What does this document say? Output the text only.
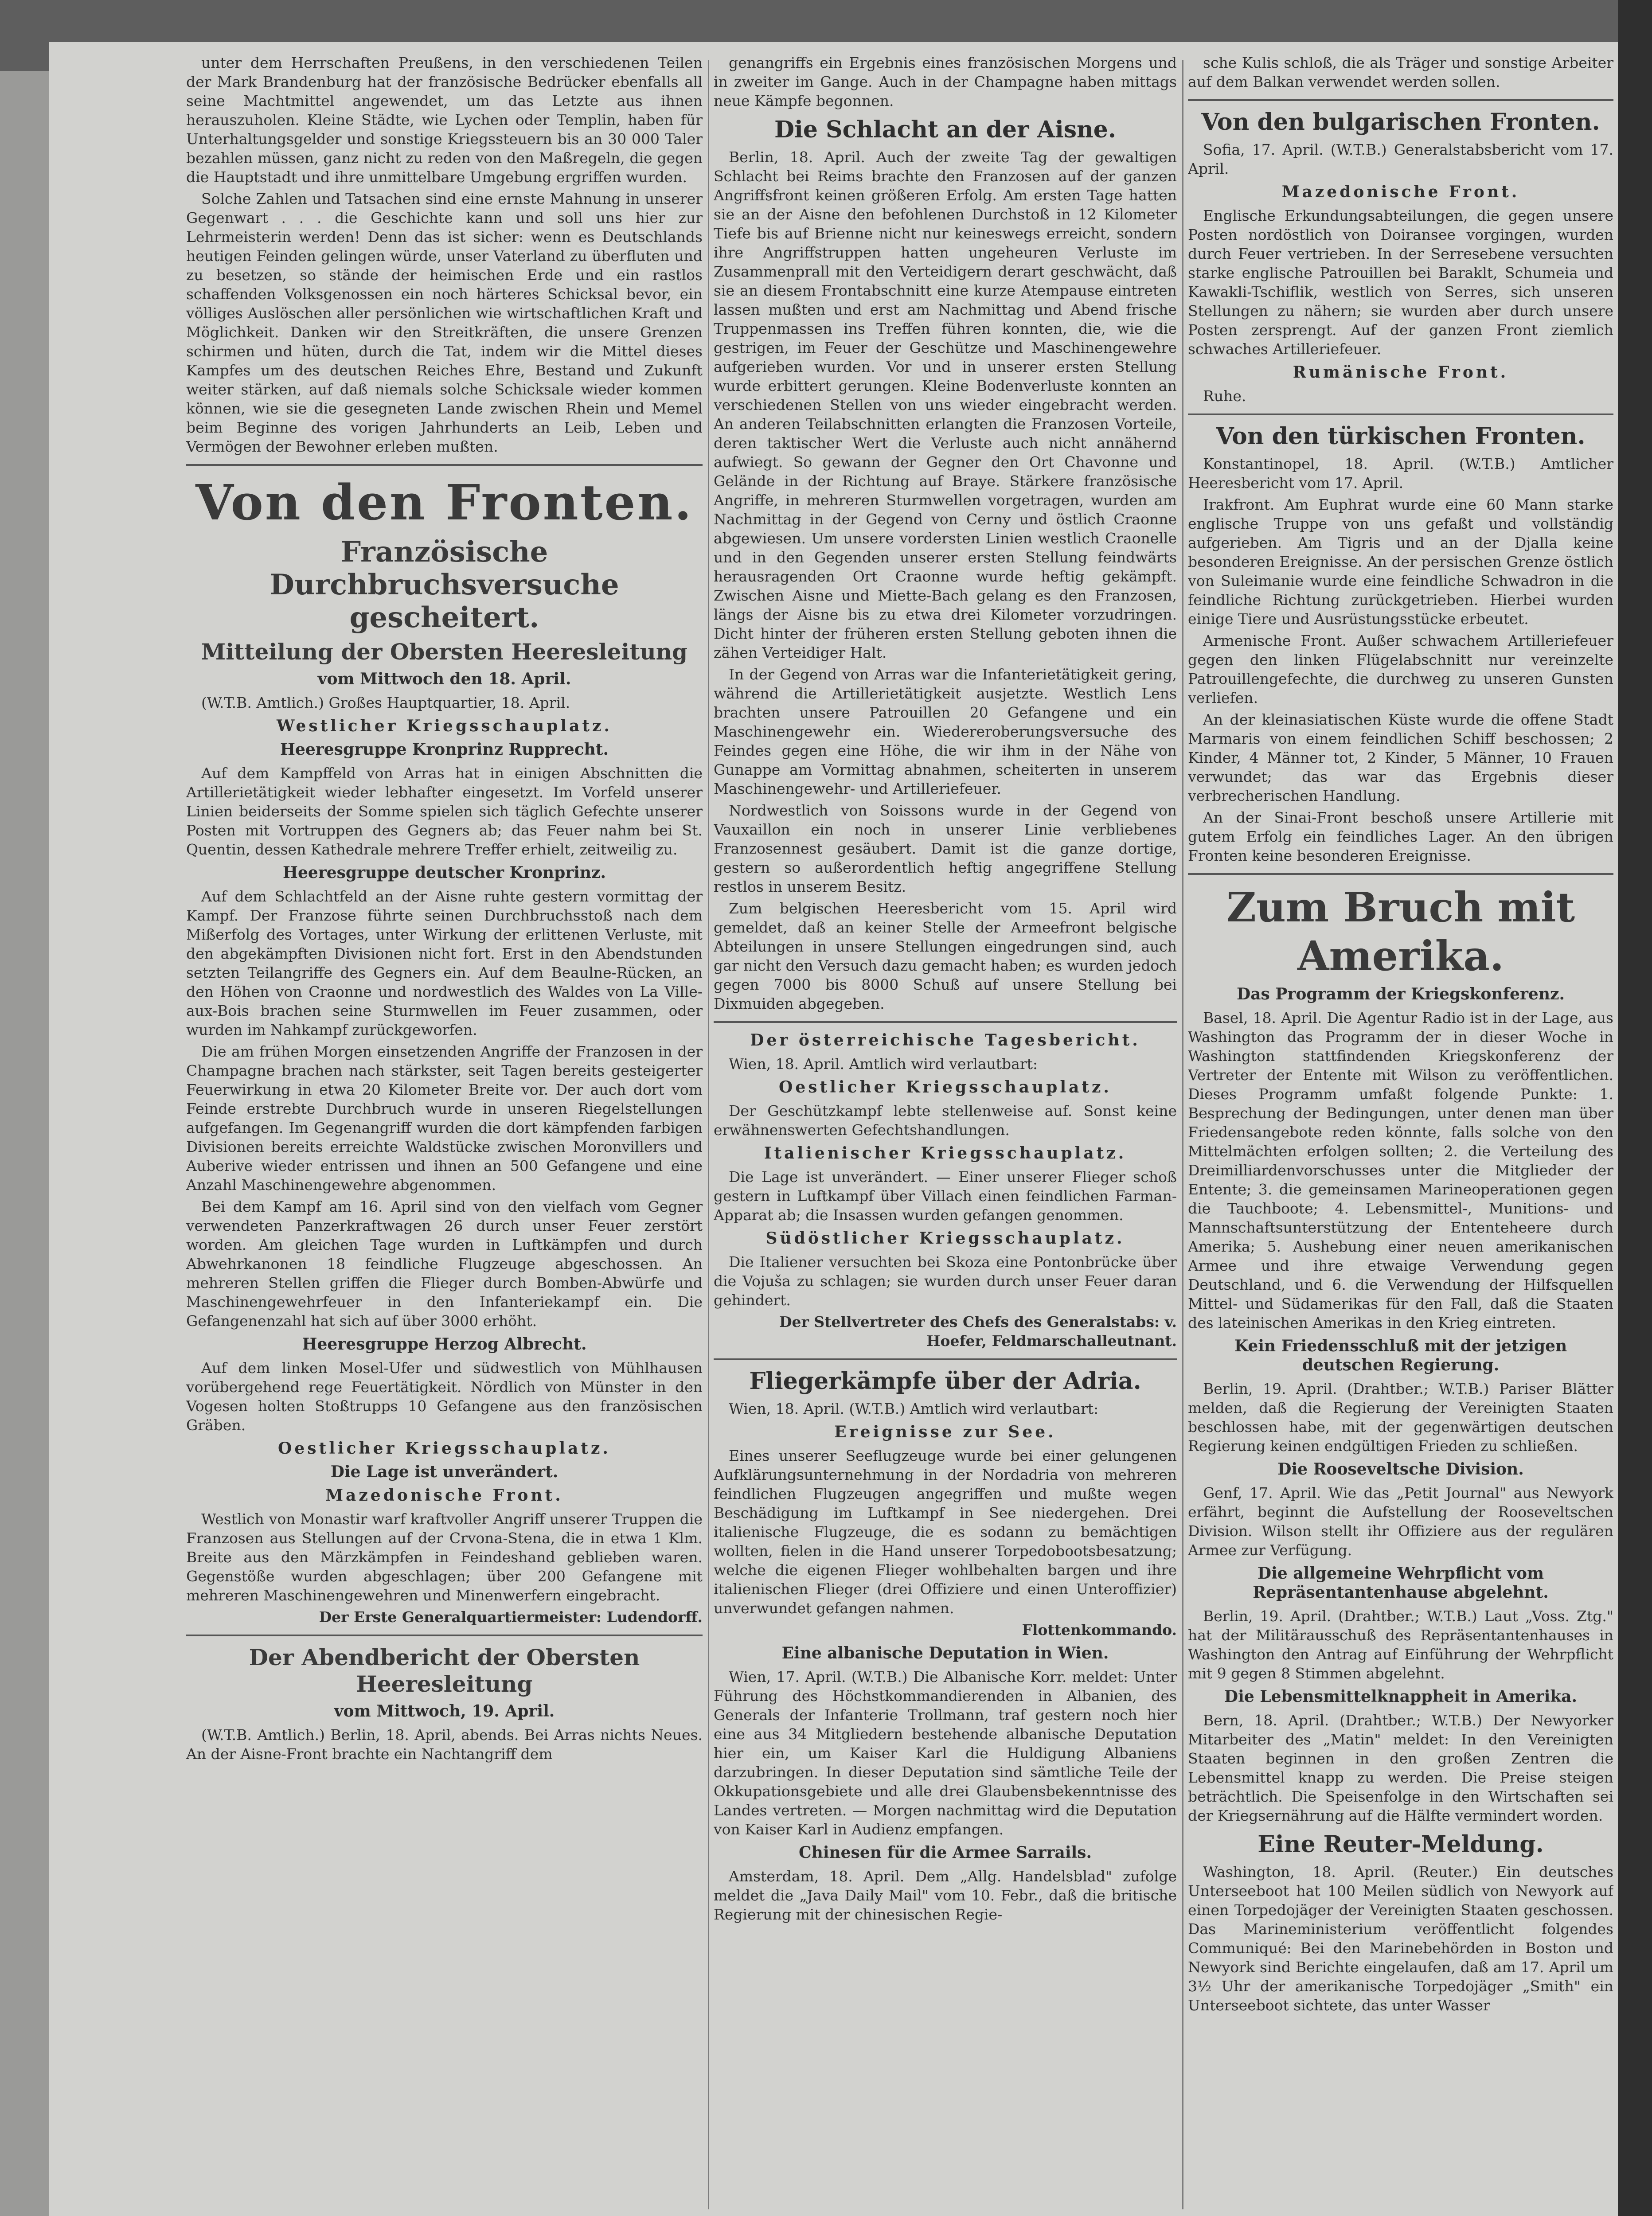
unter dem Herrschaften Preußens, in den verschiedenen Teilen der Mark Brandenburg hat der französische Bedrücker ebenfalls all seine Machtmittel angewendet, um das Letzte aus ihnen herauszuholen. Kleine Städte, wie Lychen oder Templin, haben für Unterhaltungsgelder und sonstige Kriegssteuern bis an 30 000 Taler bezahlen müssen, ganz nicht zu reden von den Maßregeln, die gegen die Hauptstadt und ihre unmittelbare Umgebung ergriffen wurden.

Solche Zahlen und Tatsachen sind eine ernste Mahnung in unserer Gegenwart . . . die Geschichte kann und soll uns hier zur Lehrmeisterin werden! Denn das ist sicher: wenn es Deutschlands heutigen Feinden gelingen würde, unser Vaterland zu überfluten und zu besetzen, so stände der heimischen Erde und ein rastlos schaffenden Volksgenossen ein noch härteres Schicksal bevor, ein völliges Auslöschen aller persönlichen wie wirtschaftlichen Kraft und Möglichkeit. Danken wir den Streitkräften, die unsere Grenzen schirmen und hüten, durch die Tat, indem wir die Mittel dieses Kampfes um des deutschen Reiches Ehre, Bestand und Zukunft weiter stärken, auf daß niemals solche Schicksale wieder kommen können, wie sie die gesegneten Lande zwischen Rhein und Memel beim Beginne des vorigen Jahrhunderts an Leib, Leben und Vermögen der Bewohner erleben mußten.

Von den Fronten.
Französische Durchbruchsversuche gescheitert.
Mitteilung der Obersten Heeresleitung

vom Mittwoch den 18. April.

(W.T.B. Amtlich.) Großes Hauptquartier, 18. April.

Westlicher Kriegsschauplatz.

Heeresgruppe Kronprinz Rupprecht.

Auf dem Kampffeld von Arras hat in einigen Abschnitten die Artillerietätigkeit wieder lebhafter eingesetzt. Im Vorfeld unserer Linien beiderseits der Somme spielen sich täglich Gefechte unserer Posten mit Vortruppen des Gegners ab; das Feuer nahm bei St. Quentin, dessen Kathedrale mehrere Treffer erhielt, zeitweilig zu.

Heeresgruppe deutscher Kronprinz.

Auf dem Schlachtfeld an der Aisne ruhte gestern vormittag der Kampf. Der Franzose führte seinen Durchbruchsstoß nach dem Mißerfolg des Vortages, unter Wirkung der erlittenen Verluste, mit den abgekämpften Divisionen nicht fort. Erst in den Abendstunden setzten Teilangriffe des Gegners ein. Auf dem Beaulne-Rücken, an den Höhen von Craonne und nordwestlich des Waldes von La Ville-aux-Bois brachen seine Sturmwellen im Feuer zusammen, oder wurden im Nahkampf zurückgeworfen.

Die am frühen Morgen einsetzenden Angriffe der Franzosen in der Champagne brachen nach stärkster, seit Tagen bereits gesteigerter Feuerwirkung in etwa 20 Kilometer Breite vor. Der auch dort vom Feinde erstrebte Durchbruch wurde in unseren Riegelstellungen aufgefangen. Im Gegenangriff wurden die dort kämpfenden farbigen Divisionen bereits erreichte Waldstücke zwischen Moronvillers und Auberive wieder entrissen und ihnen an 500 Gefangene und eine Anzahl Maschinengewehre abgenommen.

Bei dem Kampf am 16. April sind von den vielfach vom Gegner verwendeten Panzerkraftwagen 26 durch unser Feuer zerstört worden. Am gleichen Tage wurden in Luftkämpfen und durch Abwehrkanonen 18 feindliche Flugzeuge abgeschossen. An mehreren Stellen griffen die Flieger durch Bomben-Abwürfe und Maschinengewehrfeuer in den Infanteriekampf ein. Die Gefangenenzahl hat sich auf über 3000 erhöht.

Heeresgruppe Herzog Albrecht.

Auf dem linken Mosel-Ufer und südwestlich von Mühlhausen vorübergehend rege Feuertätigkeit. Nördlich von Münster in den Vogesen holten Stoßtrupps 10 Gefangene aus den französischen Gräben.

Oestlicher Kriegsschauplatz.

Die Lage ist unverändert.

Mazedonische Front.

Westlich von Monastir warf kraftvoller Angriff unserer Truppen die Franzosen aus Stellungen auf der Crvona-Stena, die in etwa 1 Klm. Breite aus den Märzkämpfen in Feindeshand geblieben waren. Gegenstöße wurden abgeschlagen; über 200 Gefangene mit mehreren Maschinengewehren und Minenwerfern eingebracht.

Der Erste Generalquartiermeister: Ludendorff.

Der Abendbericht der Obersten Heeresleitung

vom Mittwoch, 19. April.

(W.T.B. Amtlich.) Berlin, 18. April, abends. Bei Arras nichts Neues. An der Aisne-Front brachte ein Nachtangriff dem

genangriffs ein Ergebnis eines französischen Morgens und in zweiter im Gange. Auch in der Champagne haben mittags neue Kämpfe begonnen.

Die Schlacht an der Aisne.

Berlin, 18. April. Auch der zweite Tag der gewaltigen Schlacht bei Reims brachte den Franzosen auf der ganzen Angriffsfront keinen größeren Erfolg. Am ersten Tage hatten sie an der Aisne den befohlenen Durchstoß in 12 Kilometer Tiefe bis auf Brienne nicht nur keineswegs erreicht, sondern ihre Angriffstruppen hatten ungeheuren Verluste im Zusammenprall mit den Verteidigern derart geschwächt, daß sie an diesem Frontabschnitt eine kurze Atempause eintreten lassen mußten und erst am Nachmittag und Abend frische Truppenmassen ins Treffen führen konnten, die, wie die gestrigen, im Feuer der Geschütze und Maschinengewehre aufgerieben wurden. Vor und in unserer ersten Stellung wurde erbittert gerungen. Kleine Bodenverluste konnten an verschiedenen Stellen von uns wieder eingebracht werden. An anderen Teilabschnitten erlangten die Franzosen Vorteile, deren taktischer Wert die Verluste auch nicht annähernd aufwiegt. So gewann der Gegner den Ort Chavonne und Gelände in der Richtung auf Braye. Stärkere französische Angriffe, in mehreren Sturmwellen vorgetragen, wurden am Nachmittag in der Gegend von Cerny und östlich Craonne abgewiesen. Um unsere vordersten Linien westlich Craonelle und in den Gegenden unserer ersten Stellung feindwärts herausragenden Ort Craonne wurde heftig gekämpft. Zwischen Aisne und Miette-Bach gelang es den Franzosen, längs der Aisne bis zu etwa drei Kilometer vorzudringen. Dicht hinter der früheren ersten Stellung geboten ihnen die zähen Verteidiger Halt.

In der Gegend von Arras war die Infanterietätigkeit gering, während die Artillerietätigkeit ausjetzte. Westlich Lens brachten unsere Patrouillen 20 Gefangene und ein Maschinengewehr ein. Wiedereroberungsversuche des Feindes gegen eine Höhe, die wir ihm in der Nähe von Gunappe am Vormittag abnahmen, scheiterten in unserem Maschinengewehr- und Artilleriefeuer.

Nordwestlich von Soissons wurde in der Gegend von Vauxaillon ein noch in unserer Linie verbliebenes Franzosennest gesäubert. Damit ist die ganze dortige, gestern so außerordentlich heftig angegriffene Stellung restlos in unserem Besitz.

Zum belgischen Heeresbericht vom 15. April wird gemeldet, daß an keiner Stelle der Armeefront belgische Abteilungen in unsere Stellungen eingedrungen sind, auch gar nicht den Versuch dazu gemacht haben; es wurden jedoch gegen 7000 bis 8000 Schuß auf unsere Stellung bei Dixmuiden abgegeben.

Der österreichische Tagesbericht.

Wien, 18. April. Amtlich wird verlautbart:

Oestlicher Kriegsschauplatz.

Der Geschützkampf lebte stellenweise auf. Sonst keine erwähnenswerten Gefechtshandlungen.

Italienischer Kriegsschauplatz.

Die Lage ist unverändert. — Einer unserer Flieger schoß gestern in Luftkampf über Villach einen feindlichen Farman-Apparat ab; die Insassen wurden gefangen genommen.

Südöstlicher Kriegsschauplatz.

Die Italiener versuchten bei Skoza eine Pontonbrücke über die Vojuša zu schlagen; sie wurden durch unser Feuer daran gehindert.

Der Stellvertreter des Chefs des Generalstabs: v. Hoefer, Feldmarschalleutnant.

Fliegerkämpfe über der Adria.

Wien, 18. April. (W.T.B.) Amtlich wird verlautbart:

Ereignisse zur See.

Eines unserer Seeflugzeuge wurde bei einer gelungenen Aufklärungsunternehmung in der Nordadria von mehreren feindlichen Flugzeugen angegriffen und mußte wegen Beschädigung im Luftkampf in See niedergehen. Drei italienische Flugzeuge, die es sodann zu bemächtigen wollten, fielen in die Hand unserer Torpedobootsbesatzung; welche die eigenen Flieger wohlbehalten bargen und ihre italienischen Flieger (drei Offiziere und einen Unteroffizier) unverwundet gefangen nahmen.

Flottenkommando.

Eine albanische Deputation in Wien.

Wien, 17. April. (W.T.B.) Die Albanische Korr. meldet: Unter Führung des Höchstkommandierenden in Albanien, des Generals der Infanterie Trollmann, traf gestern noch hier eine aus 34 Mitgliedern bestehende albanische Deputation hier ein, um Kaiser Karl die Huldigung Albaniens darzubringen. In dieser Deputation sind sämtliche Teile der Okkupationsgebiete und alle drei Glaubensbekenntnisse des Landes vertreten. — Morgen nachmittag wird die Deputation von Kaiser Karl in Audienz empfangen.

Chinesen für die Armee Sarrails.

Amsterdam, 18. April. Dem „Allg. Handelsblad" zufolge meldet die „Java Daily Mail" vom 10. Febr., daß die britische Regierung mit der chinesischen Regie-

sche Kulis schloß, die als Träger und sonstige Arbeiter auf dem Balkan verwendet werden sollen.

Von den bulgarischen Fronten.

Sofia, 17. April. (W.T.B.) Generalstabsbericht vom 17. April.

Mazedonische Front.

Englische Erkundungsabteilungen, die gegen unsere Posten nordöstlich von Doiransee vorgingen, wurden durch Feuer vertrieben. In der Serresebene versuchten starke englische Patrouillen bei Baraklt, Schumeia und Kawakli-Tschiflik, westlich von Serres, sich unseren Stellungen zu nähern; sie wurden aber durch unsere Posten zersprengt. Auf der ganzen Front ziemlich schwaches Artilleriefeuer.

Rumänische Front.

Ruhe.

Von den türkischen Fronten.

Konstantinopel, 18. April. (W.T.B.) Amtlicher Heeresbericht vom 17. April.

Irakfront. Am Euphrat wurde eine 60 Mann starke englische Truppe von uns gefaßt und vollständig aufgerieben. Am Tigris und an der Djalla keine besonderen Ereignisse. An der persischen Grenze östlich von Suleimanie wurde eine feindliche Schwadron in die feindliche Richtung zurückgetrieben. Hierbei wurden einige Tiere und Ausrüstungsstücke erbeutet.

Armenische Front. Außer schwachem Artilleriefeuer gegen den linken Flügelabschnitt nur vereinzelte Patrouillengefechte, die durchweg zu unseren Gunsten verliefen.

An der kleinasiatischen Küste wurde die offene Stadt Marmaris von einem feindlichen Schiff beschossen; 2 Kinder, 4 Männer tot, 2 Kinder, 5 Männer, 10 Frauen verwundet; das war das Ergebnis dieser verbrecherischen Handlung.

An der Sinai-Front beschoß unsere Artillerie mit gutem Erfolg ein feindliches Lager. An den übrigen Fronten keine besonderen Ereignisse.

Zum Bruch mit Amerika.

Das Programm der Kriegskonferenz.

Basel, 18. April. Die Agentur Radio ist in der Lage, aus Washington das Programm der in dieser Woche in Washington stattfindenden Kriegskonferenz der Vertreter der Entente mit Wilson zu veröffentlichen. Dieses Programm umfaßt folgende Punkte: 1. Besprechung der Bedingungen, unter denen man über Friedensangebote reden könnte, falls solche von den Mittelmächten erfolgen sollten; 2. die Verteilung des Dreimilliardenvorschusses unter die Mitglieder der Entente; 3. die gemeinsamen Marineoperationen gegen die Tauchboote; 4. Lebensmittel-, Munitions- und Mannschaftsunterstützung der Ententeheere durch Amerika; 5. Aushebung einer neuen amerikanischen Armee und ihre etwaige Verwendung gegen Deutschland, und 6. die Verwendung der Hilfsquellen Mittel- und Südamerikas für den Fall, daß die Staaten des lateinischen Amerikas in den Krieg eintreten.

Kein Friedensschluß mit der jetzigen deutschen Regierung.

Berlin, 19. April. (Drahtber.; W.T.B.) Pariser Blätter melden, daß die Regierung der Vereinigten Staaten beschlossen habe, mit der gegenwärtigen deutschen Regierung keinen endgültigen Frieden zu schließen.

Die Rooseveltsche Division.

Genf, 17. April. Wie das „Petit Journal" aus Newyork erfährt, beginnt die Aufstellung der Rooseveltschen Division. Wilson stellt ihr Offiziere aus der regulären Armee zur Verfügung.

Die allgemeine Wehrpflicht vom Repräsentantenhause abgelehnt.

Berlin, 19. April. (Drahtber.; W.T.B.) Laut „Voss. Ztg." hat der Militärausschuß des Repräsentantenhauses in Washington den Antrag auf Einführung der Wehrpflicht mit 9 gegen 8 Stimmen abgelehnt.

Die Lebensmittelknappheit in Amerika.

Bern, 18. April. (Drahtber.; W.T.B.) Der Newyorker Mitarbeiter des „Matin" meldet: In den Vereinigten Staaten beginnen in den großen Zentren die Lebensmittel knapp zu werden. Die Preise steigen beträchtlich. Die Speisenfolge in den Wirtschaften sei der Kriegsernährung auf die Hälfte vermindert worden.

Eine Reuter-Meldung.

Washington, 18. April. (Reuter.) Ein deutsches Unterseeboot hat 100 Meilen südlich von Newyork auf einen Torpedojäger der Vereinigten Staaten geschossen. Das Marineministerium veröffentlicht folgendes Communiqué: Bei den Marinebehörden in Boston und Newyork sind Berichte eingelaufen, daß am 17. April um 3½ Uhr der amerikanische Torpedojäger „Smith" ein Unterseeboot sichtete, das unter Wasser
